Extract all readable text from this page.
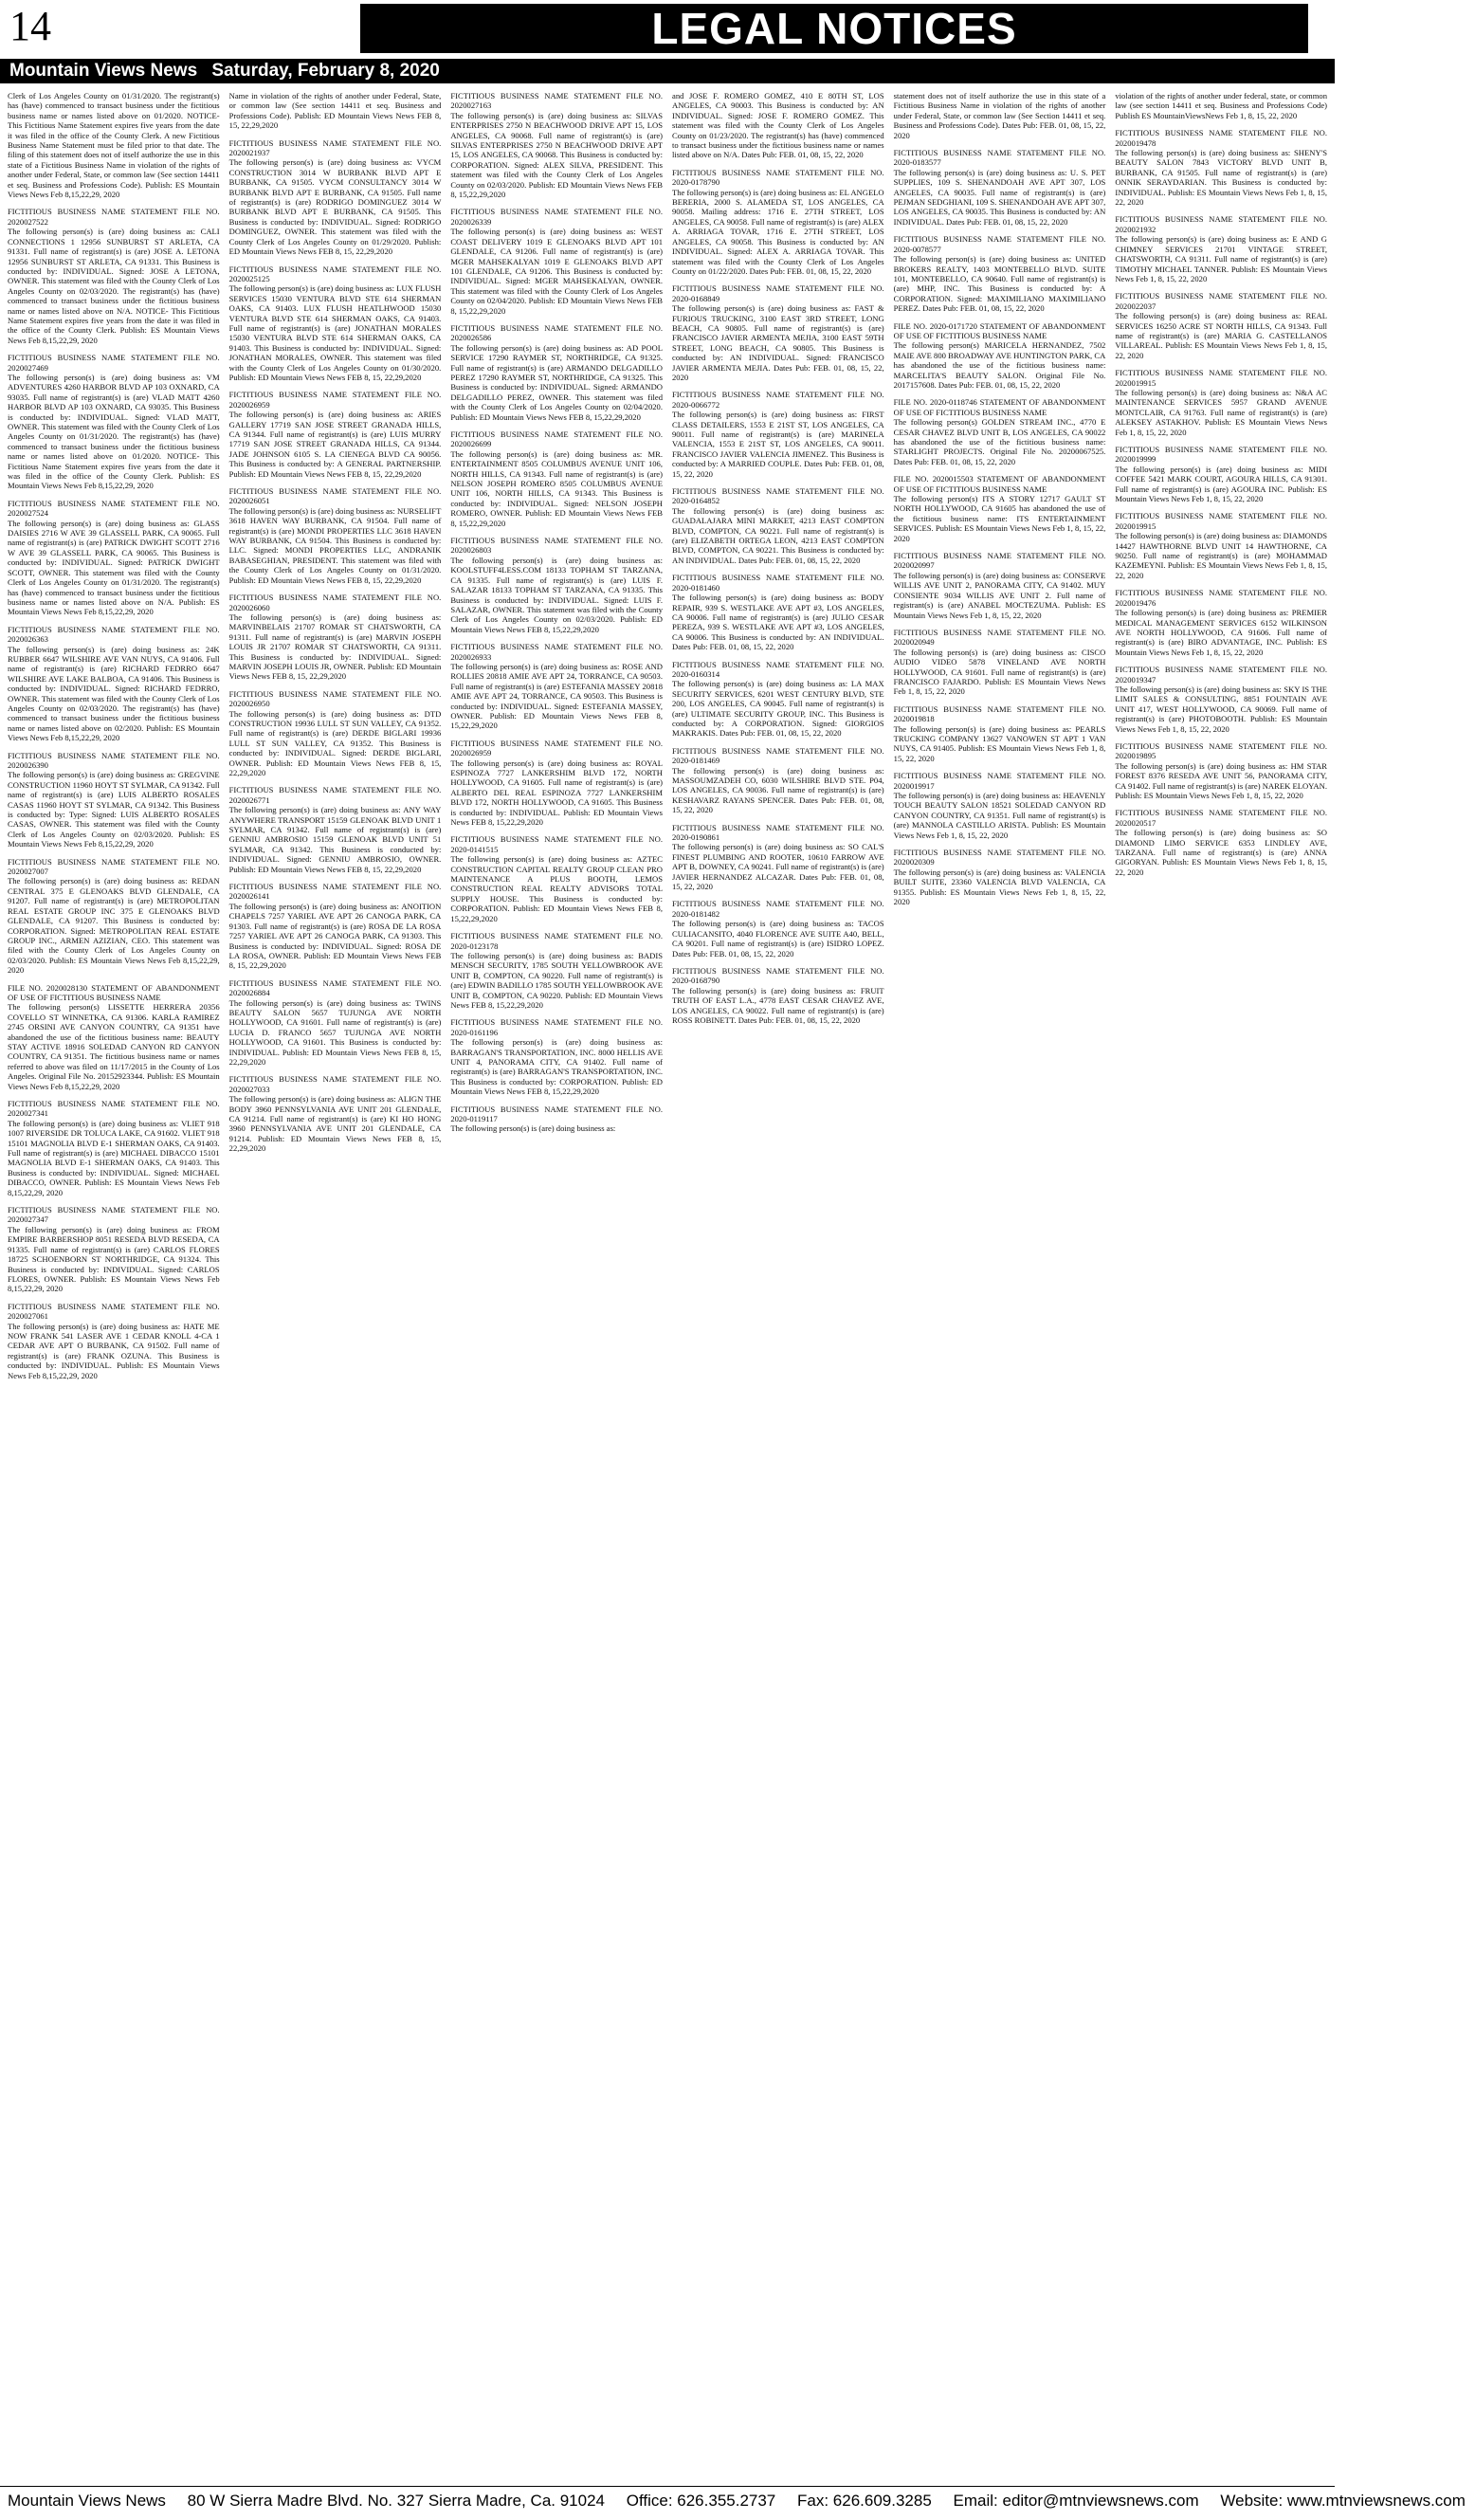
14	LEGAL NOTICES
Mountain Views News Saturday, February 8, 2020
Clerk of Los Angeles County on 01/31/2020. The registrant(s) has (have) commenced to transact business under the fictitious business name or names listed above on 01/2020. NOTICE- This Fictitious Name Statement expires five years from the date it was filed in the office of the County Clerk. A new Fictitious Business Name Statement must be filed prior to that date. The filing of this statement does not of itself authorize the use in this state of a Fictitious Business Name in violation of the rights of another under Federal, State, or common law (See section 14411 et seq. Business and Professions Code). Publish: ES Mountain Views News Feb 8,15,22,29, 2020
FICTITIOUS BUSINESS NAME STATEMENT FILE NO. 2020027522
The following person(s) is (are) doing business as: CALI CONNECTIONS 1 12956 SUNBURST ST ARLETA, CA 91331. Full name of registrant(s) is (are) JOSE A. LETONA 12956 SUNBURST ST ARLETA, CA 91331. This Business is conducted by: INDIVIDUAL. Signed: JOSE A LETONA, OWNER. This statement was filed with the County Clerk of Los Angeles County on 02/03/2020. The registrant(s) has (have) commenced to transact business under the fictitious business name or names listed above on N/A. NOTICE- This Fictitious Name Statement expires five years from the date it was filed in the office of the County Clerk. Publish: ES Mountain Views News Feb 8,15,22,29, 2020
FICTITIOUS BUSINESS NAME STATEMENT FILE NO. 2020027469
The following person(s) is (are) doing business as: VM ADVENTURES 4260 HARBOR BLVD AP 103 OXNARD, CA 93035. Full name of registrant(s) is (are) VLAD MATT 4260 HARBOR BLVD AP 103 OXNARD, CA 93035. This Business is conducted by: INDIVIDUAL. Signed: VLAD MATT, OWNER. This statement was filed with the County Clerk of Los Angeles County on 01/31/2020. The registrant(s) has (have) commenced to transact business under the fictitious business name or names listed above on 01/2020. NOTICE- This Fictitious Name Statement expires five years from the date it was filed in the office of the County Clerk. Publish: ES Mountain Views News Feb 8,15,22,29, 2020
FICTITIOUS BUSINESS NAME STATEMENT FILE NO. 2020027524
The following person(s) is (are) doing business as: GLASS DAISIES 2716 W AVE 39 GLASSELL PARK, CA 90065. Full name of registrant(s) is (are) PATRICK DWIGHT SCOTT 2716 W AVE 39 GLASSELL PARK, CA 90065. This Business is conducted by: INDIVIDUAL. Signed: PATRICK DWIGHT SCOTT, OWNER. This statement was filed with the County Clerk of Los Angeles County on 01/31/2020. The registrant(s) has (have) commenced to transact business under the fictitious business name or names listed above on N/A. Publish: ES Mountain Views News Feb 8,15,22,29, 2020
FICTITIOUS BUSINESS NAME STATEMENT FILE NO. 2020026363
The following person(s) is (are) doing business as: 24K RUBBER 6647 WILSHIRE AVE VAN NUYS, CA 91406. Full name of registrant(s) is (are) RICHARD FEDRRO 6647 WILSHIRE AVE LAKE BALBOA, CA 91406. This Business is conducted by: INDIVIDUAL. Signed: RICHARD FEDRRO, OWNER. This statement was filed with the County Clerk of Los Angeles County on 02/03/2020. The registrant(s) has (have) commenced to transact business under the fictitious business name or names listed above on 02/2020. Publish: ES Mountain Views News Feb 8,15,22,29, 2020
FICTITIOUS BUSINESS NAME STATEMENT FILE NO. 2020026390
The following person(s) is (are) doing business as: GREGVINE CONSTRUCTION 11960 HOYT ST SYLMAR, CA 91342. Full name of registrant(s) is (are) LUIS ALBERTO ROSALES CASAS 11960 HOYT ST SYLMAR, CA 91342. This Business is conducted by: Type: Signed: LUIS ALBERTO ROSALES CASAS, OWNER. This statement was filed with the County Clerk of Los Angeles County on 02/03/2020. Publish: ES Mountain Views News Feb 8,15,22,29, 2020
FICTITIOUS BUSINESS NAME STATEMENT FILE NO. 2020027007
The following person(s) is (are) doing business as: REDAN CENTRAL 375 E GLENOAKS BLVD GLENDALE, CA 91207. Full name of registrant(s) is (are) METROPOLITAN REAL ESTATE GROUP INC 375 E GLENOAKS BLVD GLENDALE, CA 91207. This Business is conducted by: CORPORATION. Signed: METROPOLITAN REAL ESTATE GROUP INC., ARMEN AZIZIAN, CEO. This statement was filed with the County Clerk of Los Angeles County on 02/03/2020. Publish: ES Mountain Views News Feb 8,15,22,29, 2020
FILE NO. 2020028130 STATEMENT OF ABANDONMENT OF USE OF FICTITIOUS BUSINESS NAME
The following person(s) LISSETTE HERRERA 20356 COVELLO ST WINNETKA, CA 91306. KARLA RAMIREZ 2745 ORSINI AVE CANYON COUNTRY, CA 91351 have abandoned the use of the fictitious business name: BEAUTY STAY ACTIVE 18916 SOLEDAD CANYON RD CANYON COUNTRY, CA 91351. The fictitious business name or names referred to above was filed on 11/17/2015 in the County of Los Angeles. Original File No. 20152923344. Publish: ES Mountain Views News Feb 8,15,22,29, 2020
FICTITIOUS BUSINESS NAME STATEMENT FILE NO. 2020027341
The following person(s) is (are) doing business as: VLIET 918 1007 RIVERSIDE DR TOLUCA LAKE, CA 91602. VLIET 918 15101 MAGNOLIA BLVD E-1 SHERMAN OAKS, CA 91403. Full name of registrant(s) is (are) MICHAEL DIBACCO 15101 MAGNOLIA BLVD E-1 SHERMAN OAKS, CA 91403. This Business is conducted by: INDIVIDUAL. Signed: MICHAEL DIBACCO, OWNER. Publish: ES Mountain Views News Feb 8,15,22,29, 2020
FICTITIOUS BUSINESS NAME STATEMENT FILE NO. 2020027347
The following person(s) is (are) doing business as: FROM EMPIRE BARBERSHOP 8051 RESEDA BLVD RESEDA, CA 91335. Full name of registrant(s) is (are) CARLOS FLORES 18725 SCHOENBORN ST NORTHRIDGE, CA 91324. This Business is conducted by: INDIVIDUAL. Signed: CARLOS FLORES, OWNER. Publish: ES Mountain Views News Feb 8,15,22,29, 2020
FICTITIOUS BUSINESS NAME STATEMENT FILE NO. 2020027061
The following person(s) is (are) doing business as: HATE ME NOW FRANK 541 LASER AVE 1 CEDAR KNOLL 4-CA 1 CEDAR AVE APT O BURBANK, CA 91502. Full name of registrant(s) is (are) FRANK OZUNA. This Business is conducted by: INDIVIDUAL. Publish: ES Mountain Views News Feb 8,15,22,29, 2020
Name in violation of the rights of another under Federal, State, or common law (See section 14411 et seq. Business and Professions Code). Publish: ED Mountain Views News FEB 8, 15, 22,29,2020
FICTITIOUS BUSINESS NAME STATEMENT FILE NO. 2020021937
The following person(s) is (are) doing business as: VYCM CONSTRUCTION 3014 W BURBANK BLVD APT E BURBANK, CA 91505. VYCM CONSULTANCY 3014 W BURBANK BLVD APT E BURBANK, CA 91505. Full name of registrant(s) is (are) RODRIGO DOMINGUEZ 3014 W BURBANK BLVD APT E BURBANK, CA 91505. This Business is conducted by: INDIVIDUAL. Signed: RODRIGO DOMINGUEZ, OWNER. This statement was filed with the County Clerk of Los Angeles County on 01/29/2020. Publish: ED Mountain Views News FEB 8, 15, 22,29,2020
FICTITIOUS BUSINESS NAME STATEMENT FILE NO. 2020025125
The following person(s) is (are) doing business as: LUX FLUSH SERVICES 15030 VENTURA BLVD STE 614 SHERMAN OAKS, CA 91403. LUX FLUSH HEATLHWOOD 15030 VENTURA BLVD STE 614 SHERMAN OAKS, CA 91403. Full name of registrant(s) is (are) JONATHAN MORALES 15030 VENTURA BLVD STE 614 SHERMAN OAKS, CA 91403. This Business is conducted by: INDIVIDUAL. Signed: JONATHAN MORALES, OWNER. This statement was filed with the County Clerk of Los Angeles County on 01/30/2020. Publish: ED Mountain Views News FEB 8, 15, 22,29,2020
FICTITIOUS BUSINESS NAME STATEMENT FILE NO. 2020026959
The following person(s) is (are) doing business as: ARIES GALLERY 17719 SAN JOSE STREET GRANADA HILLS, CA 91344. Full name of registrant(s) is (are) LUIS MURRY 17719 SAN JOSE STREET GRANADA HILLS, CA 91344. JADE JOHNSON 6105 S. LA CIENEGA BLVD CA 90056. This Business is conducted by: A GENERAL PARTNERSHIP. Publish: ED Mountain Views News FEB 8, 15, 22,29,2020
FICTITIOUS BUSINESS NAME STATEMENT FILE NO. 2020026051
The following person(s) is (are) doing business as: NURSELIFT 3618 HAVEN WAY BURBANK, CA 91504. Full name of registrant(s) is (are) MONDI PROPERTIES LLC 3618 HAVEN WAY BURBANK, CA 91504. This Business is conducted by: LLC. Signed: MONDI PROPERTIES LLC, ANDRANIK BABASEGHIAN, PRESIDENT. This statement was filed with the County Clerk of Los Angeles County on 01/31/2020. Publish: ED Mountain Views News FEB 8, 15, 22,29,2020
FICTITIOUS BUSINESS NAME STATEMENT FILE NO. 2020026060
The following person(s) is (are) doing business as: MARVINBELAIS 21707 ROMAR ST CHATSWORTH, CA 91311. Full name of registrant(s) is (are) MARVIN JOSEPH LOUIS JR 21707 ROMAR ST CHATSWORTH, CA 91311. This Business is conducted by: INDIVIDUAL. Signed: MARVIN JOSEPH LOUIS JR, OWNER. Publish: ED Mountain Views News FEB 8, 15, 22,29,2020
FICTITIOUS BUSINESS NAME STATEMENT FILE NO. 2020026950
The following person(s) is (are) doing business as: DTD CONSTRUCTION 19936 LULL ST SUN VALLEY, CA 91352. Full name of registrant(s) is (are) DERDE BIGLARI 19936 LULL ST SUN VALLEY, CA 91352. This Business is conducted by: INDIVIDUAL. Signed: DERDE BIGLARI, OWNER. Publish: ED Mountain Views News FEB 8, 15, 22,29,2020
FICTITIOUS BUSINESS NAME STATEMENT FILE NO. 2020026771
The following person(s) is (are) doing business as: ANY WAY ANYWHERE TRANSPORT 15159 GLENOAK BLVD UNIT 1 SYLMAR, CA 91342. Full name of registrant(s) is (are) GENNIU AMBROSIO 15159 GLENOAK BLVD UNIT 51 SYLMAR, CA 91342. This Business is conducted by: INDIVIDUAL. Signed: GENNIU AMBROSIO, OWNER. Publish: ED Mountain Views News FEB 8, 15, 22,29,2020
FICTITIOUS BUSINESS NAME STATEMENT FILE NO. 2020026141
The following person(s) is (are) doing business as: ANOITION CHAPELS 7257 YARIEL AVE APT 26 CANOGA PARK, CA 91303. Full name of registrant(s) is (are) ROSA DE LA ROSA 7257 YARIEL AVE APT 26 CANOGA PARK, CA 91303. This Business is conducted by: INDIVIDUAL. Signed: ROSA DE LA ROSA, OWNER. Publish: ED Mountain Views News FEB 8, 15, 22,29,2020
FICTITIOUS BUSINESS NAME STATEMENT FILE NO. 2020026884
The following person(s) is (are) doing business as: TWINS BEAUTY SALON 5657 TUJUNGA AVE NORTH HOLLYWOOD, CA 91601. Full name of registrant(s) is (are) LUCIA D. FRANCO 5657 TUJUNGA AVE NORTH HOLLYWOOD, CA 91601. This Business is conducted by: INDIVIDUAL. Publish: ED Mountain Views News FEB 8, 15, 22,29,2020
FICTITIOUS BUSINESS NAME STATEMENT FILE NO. 2020027033
The following person(s) is (are) doing business as: ALIGN THE BODY 3960 PENNSYLVANIA AVE UNIT 201 GLENDALE, CA 91214. Full name of registrant(s) is (are) KI HO HONG 3960 PENNSYLVANIA AVE UNIT 201 GLENDALE, CA 91214. Publish: ED Mountain Views News FEB 8, 15, 22,29,2020
FICTITIOUS BUSINESS NAME STATEMENT FILE NO. 2020027163
The following person(s) is (are) doing business as: SILVAS ENTERPRISES 2750 N BEACHWOOD DRIVE APT 15, LOS ANGELES, CA 90068. Full name of registrant(s) is (are) SILVAS ENTERPRISES 2750 N BEACHWOOD DRIVE APT 15, LOS ANGELES, CA 90068. This Business is conducted by: CORPORATION. Signed: ALEX SILVA, PRESIDENT. This statement was filed with the County Clerk of Los Angeles County on 02/03/2020. Publish: ED Mountain Views News FEB 8, 15,22,29,2020
FICTITIOUS BUSINESS NAME STATEMENT FILE NO. 2020026339
The following person(s) is (are) doing business as: WEST COAST DELIVERY 1019 E GLENOAKS BLVD APT 101 GLENDALE, CA 91206. Full name of registrant(s) is (are) MGER MAHSEKALYAN 1019 E GLENOAKS BLVD APT 101 GLENDALE, CA 91206. This Business is conducted by: INDIVIDUAL. Signed: MGER MAHSEKALYAN, OWNER. This statement was filed with the County Clerk of Los Angeles County on 02/04/2020. Publish: ED Mountain Views News FEB 8, 15,22,29,2020
FICTITIOUS BUSINESS NAME STATEMENT FILE NO. 2020026586
The following person(s) is (are) doing business as: AD POOL SERVICE 17290 RAYMER ST, NORTHRIDGE, CA 91325. Full name of registrant(s) is (are) ARMANDO DELGADILLO PEREZ 17290 RAYMER ST, NORTHRIDGE, CA 91325. This Business is conducted by: INDIVIDUAL. Signed: ARMANDO DELGADILLO PEREZ, OWNER. This statement was filed with the County Clerk of Los Angeles County on 02/04/2020. Publish: ED Mountain Views News FEB 8, 15,22,29,2020
FICTITIOUS BUSINESS NAME STATEMENT FILE NO. 2020026699
The following person(s) is (are) doing business as: MR. ENTERTAINMENT 8505 COLUMBUS AVENUE UNIT 106, NORTH HILLS, CA 91343. Full name of registrant(s) is (are) NELSON JOSEPH ROMERO 8505 COLUMBUS AVENUE UNIT 106, NORTH HILLS, CA 91343. This Business is conducted by: INDIVIDUAL. Signed: NELSON JOSEPH ROMERO, OWNER. Publish: ED Mountain Views News FEB 8, 15,22,29,2020
FICTITIOUS BUSINESS NAME STATEMENT FILE NO. 2020026803
The following person(s) is (are) doing business as: KOOLSTUFF4LESS.COM 18133 TOPHAM ST TARZANA, CA 91335. Full name of registrant(s) is (are) LUIS F. SALAZAR 18133 TOPHAM ST TARZANA, CA 91335. This Business is conducted by: INDIVIDUAL. Signed: LUIS F. SALAZAR, OWNER. This statement was filed with the County Clerk of Los Angeles County on 02/03/2020. Publish: ED Mountain Views News FEB 8, 15,22,29,2020
FICTITIOUS BUSINESS NAME STATEMENT FILE NO. 2020026933
The following person(s) is (are) doing business as: ROSE AND ROLLIES 20818 AMIE AVE APT 24, TORRANCE, CA 90503. Full name of registrant(s) is (are) ESTEFANIA MASSEY 20818 AMIE AVE APT 24, TORRANCE, CA 90503. This Business is conducted by: INDIVIDUAL. Signed: ESTEFANIA MASSEY, OWNER. Publish: ED Mountain Views News FEB 8, 15,22,29,2020
FICTITIOUS BUSINESS NAME STATEMENT FILE NO. 2020026959
The following person(s) is (are) doing business as: ROYAL ESPINOZA 7727 LANKERSHIM BLVD 172, NORTH HOLLYWOOD, CA 91605. Full name of registrant(s) is (are) ALBERTO DEL REAL ESPINOZA 7727 LANKERSHIM BLVD 172, NORTH HOLLYWOOD, CA 91605. This Business is conducted by: INDIVIDUAL. Publish: ED Mountain Views News FEB 8, 15,22,29,2020
FICTITIOUS BUSINESS NAME STATEMENT FILE NO. 2020-0141515
The following person(s) is (are) doing business as: AZTEC CONSTRUCTION CAPITAL REALTY GROUP CLEAN PRO MAINTENANCE A PLUS BOOTH, LEMOS CONSTRUCTION REAL REALTY ADVISORS TOTAL SUPPLY HOUSE. This Business is conducted by: CORPORATION. Publish: ED Mountain Views News FEB 8, 15,22,29,2020
FICTITIOUS BUSINESS NAME STATEMENT FILE NO. 2020-0123178
The following person(s) is (are) doing business as: BADIS MENSCH SECURITY, 1785 SOUTH YELLOWBROOK AVE UNIT B, COMPTON, CA 90220. Full name of registrant(s) is (are) EDWIN BADILLO 1785 SOUTH YELLOWBROOK AVE UNIT B, COMPTON, CA 90220. Publish: ED Mountain Views News FEB 8, 15,22,29,2020
FICTITIOUS BUSINESS NAME STATEMENT FILE NO. 2020-0161196
The following person(s) is (are) doing business as: BARRAGAN'S TRANSPORTATION, INC. 8000 HELLIS AVE UNIT 4, PANORAMA CITY, CA 91402. Full name of registrant(s) is (are) BARRAGAN'S TRANSPORTATION, INC. This Business is conducted by: CORPORATION. Publish: ED Mountain Views News FEB 8, 15,22,29,2020
FICTITIOUS BUSINESS NAME STATEMENT FILE NO. 2020-0119117
The following person(s) is (are) doing business as:
and JOSE F. ROMERO GOMEZ, 410 E 80TH ST, LOS ANGELES, CA 90003. This Business is conducted by: AN INDIVIDUAL. Signed: JOSE F. ROMERO GOMEZ. This statement was filed with the County Clerk of Los Angeles County on 01/23/2020. The registrant(s) has (have) commenced to transact business under the fictitious business name or names listed above on N/A. Dates Pub: FEB. 01, 08, 15, 22, 2020
FICTITIOUS BUSINESS NAME STATEMENT FILE NO. 2020-0178790
The following person(s) is (are) doing business as: EL ANGELO BERERIA, 2000 S. ALAMEDA ST, LOS ANGELES, CA 90058. Mailing address: 1716 E. 27TH STREET, LOS ANGELES, CA 90058. Full name of registrant(s) is (are) ALEX A. ARRIAGA TOVAR, 1716 E. 27TH STREET, LOS ANGELES, CA 90058. This Business is conducted by: AN INDIVIDUAL. Signed: ALEX A. ARRIAGA TOVAR. This statement was filed with the County Clerk of Los Angeles County on 01/22/2020. Dates Pub: FEB. 01, 08, 15, 22, 2020
FICTITIOUS BUSINESS NAME STATEMENT FILE NO. 2020-0168849
The following person(s) is (are) doing business as: FAST & FURIOUS TRUCKING, 3100 EAST 3RD STREET, LONG BEACH, CA 90805. Full name of registrant(s) is (are) FRANCISCO JAVIER ARMENTA MEJIA, 3100 EAST 59TH STREET, LONG BEACH, CA 90805. This Business is conducted by: AN INDIVIDUAL. Signed: FRANCISCO JAVIER ARMENTA MEJIA. Dates Pub: FEB. 01, 08, 15, 22, 2020
FICTITIOUS BUSINESS NAME STATEMENT FILE NO. 2020-0066772
The following person(s) is (are) doing business as: FIRST CLASS DETAILERS, 1553 E 21ST ST, LOS ANGELES, CA 90011. Full name of registrant(s) is (are) MARINELA VALENCIA, 1553 E 21ST ST, LOS ANGELES, CA 90011. FRANCISCO JAVIER VALENCIA JIMENEZ. This Business is conducted by: A MARRIED COUPLE. Dates Pub: FEB. 01, 08, 15, 22, 2020
FICTITIOUS BUSINESS NAME STATEMENT FILE NO. 2020-0164852
The following person(s) is (are) doing business as: GUADALAJARA MINI MARKET, 4213 EAST COMPTON BLVD, COMPTON, CA 90221. Full name of registrant(s) is (are) ELIZABETH ORTEGA LEON, 4213 EAST COMPTON BLVD, COMPTON, CA 90221. This Business is conducted by: AN INDIVIDUAL. Dates Pub: FEB. 01, 08, 15, 22, 2020
FICTITIOUS BUSINESS NAME STATEMENT FILE NO. 2020-0181460
The following person(s) is (are) doing business as: BODY REPAIR, 939 S. WESTLAKE AVE APT #3, LOS ANGELES, CA 90006. Full name of registrant(s) is (are) JULIO CESAR PEREZA, 939 S. WESTLAKE AVE APT #3, LOS ANGELES, CA 90006. This Business is conducted by: AN INDIVIDUAL. Dates Pub: FEB. 01, 08, 15, 22, 2020
FICTITIOUS BUSINESS NAME STATEMENT FILE NO. 2020-0160314
The following person(s) is (are) doing business as: LA MAX SECURITY SERVICES, 6201 WEST CENTURY BLVD, STE 200, LOS ANGELES, CA 90045. Full name of registrant(s) is (are) ULTIMATE SECURITY GROUP, INC. This Business is conducted by: A CORPORATION. Signed: GIORGIOS MAKRAKIS. Dates Pub: FEB. 01, 08, 15, 22, 2020
FICTITIOUS BUSINESS NAME STATEMENT FILE NO. 2020-0181469
The following person(s) is (are) doing business as: MASSOUMZADEH CO, 6030 WILSHIRE BLVD STE. P04, LOS ANGELES, CA 90036. Full name of registrant(s) is (are) KESHAVARZ RAYANS SPENCER. Dates Pub: FEB. 01, 08, 15, 22, 2020
FICTITIOUS BUSINESS NAME STATEMENT FILE NO. 2020-0190861
The following person(s) is (are) doing business as: SO CAL'S FINEST PLUMBING AND ROOTER, 10610 FARROW AVE APT B, DOWNEY, CA 90241. Full name of registrant(s) is (are) JAVIER HERNANDEZ ALCAZAR. Dates Pub: FEB. 01, 08, 15, 22, 2020
FICTITIOUS BUSINESS NAME STATEMENT FILE NO. 2020-0181482
The following person(s) is (are) doing business as: TACOS CULIACANSITO, 4040 FLORENCE AVE SUITE A40, BELL, CA 90201. Full name of registrant(s) is (are) ISIDRO LOPEZ. Dates Pub: FEB. 01, 08, 15, 22, 2020
FICTITIOUS BUSINESS NAME STATEMENT FILE NO. 2020-0168790
The following person(s) is (are) doing business as: FRUIT TRUTH OF EAST L.A., 4778 EAST CESAR CHAVEZ AVE, LOS ANGELES, CA 90022. Full name of registrant(s) is (are) ROSS ROBINETT. Dates Pub: FEB. 01, 08, 15, 22, 2020
statement does not of itself authorize the use in this state of a Fictitious Business Name in violation of the rights of another under Federal, State, or common law (See Section 14411 et seq. Business and Professions Code). Dates Pub: FEB. 01, 08, 15, 22, 2020
FICTITIOUS BUSINESS NAME STATEMENT FILE NO. 2020-0183577
The following person(s) is (are) doing business as: U. S. PET SUPPLIES, 109 S. SHENANDOAH AVE APT 307, LOS ANGELES, CA 90035. Full name of registrant(s) is (are) PEJMAN SEDGHIANI, 109 S. SHENANDOAH AVE APT 307, LOS ANGELES, CA 90035. This Business is conducted by: AN INDIVIDUAL. Dates Pub: FEB. 01, 08, 15, 22, 2020
FICTITIOUS BUSINESS NAME STATEMENT FILE NO. 2020-0078577
The following person(s) is (are) doing business as: UNITED BROKERS REALTY, 1403 MONTEBELLO BLVD. SUITE 101, MONTEBELLO, CA 90640. Full name of registrant(s) is (are) MHP, INC. This Business is conducted by: A CORPORATION. Signed: MAXIMILIANO MAXIMILIANO PEREZ. Dates Pub: FEB. 01, 08, 15, 22, 2020
FILE NO. 2020-0171720 STATEMENT OF ABANDONMENT OF USE OF FICTITIOUS BUSINESS NAME
The following person(s) MARICELA HERNANDEZ, 7502 MAIE AVE 800 BROADWAY AVE HUNTINGTON PARK, CA has abandoned the use of the fictitious business name: MARCELITA'S BEAUTY SALON. Original File No. 2017157608. Dates Pub: FEB. 01, 08, 15, 22, 2020
FILE NO. 2020-0118746 STATEMENT OF ABANDONMENT OF USE OF FICTITIOUS BUSINESS NAME
The following person(s) GOLDEN STREAM INC., 4770 E CESAR CHAVEZ BLVD UNIT B, LOS ANGELES, CA 90022 has abandoned the use of the fictitious business name: STARLIGHT PROJECTS. Original File No. 20200067525. Dates Pub: FEB. 01, 08, 15, 22, 2020
FILE NO. 2020015503 STATEMENT OF ABANDONMENT OF USE OF FICTITIOUS BUSINESS NAME
The following person(s) ITS A STORY 12717 GAULT ST NORTH HOLLYWOOD, CA 91605 has abandoned the use of the fictitious business name: ITS ENTERTAINMENT SERVICES. Publish: ES Mountain Views News Feb 1, 8, 15, 22, 2020
FICTITIOUS BUSINESS NAME STATEMENT FILE NO. 2020020997
The following person(s) is (are) doing business as: CONSERVE WILLIS AVE UNIT 2, PANORAMA CITY, CA 91402. MUY CONSIENTE 9034 WILLIS AVE UNIT 2. Full name of registrant(s) is (are) ANABEL MOCTEZUMA. Publish: ES Mountain Views News Feb 1, 8, 15, 22, 2020
FICTITIOUS BUSINESS NAME STATEMENT FILE NO. 2020020949
The following person(s) is (are) doing business as: CISCO AUDIO VIDEO 5878 VINELAND AVE NORTH HOLLYWOOD, CA 91601. Full name of registrant(s) is (are) FRANCISCO FAJARDO. Publish: ES Mountain Views News Feb 1, 8, 15, 22, 2020
FICTITIOUS BUSINESS NAME STATEMENT FILE NO. 2020019818
The following person(s) is (are) doing business as: PEARLS TRUCKING COMPANY 13627 VANOWEN ST APT 1 VAN NUYS, CA 91405. Publish: ES Mountain Views News Feb 1, 8, 15, 22, 2020
FICTITIOUS BUSINESS NAME STATEMENT FILE NO. 2020019917
The following person(s) is (are) doing business as: HEAVENLY TOUCH BEAUTY SALON 18521 SOLEDAD CANYON RD CANYON COUNTRY, CA 91351. Full name of registrant(s) is (are) MANNOLA CASTILLO ARISTA. Publish: ES Mountain Views News Feb 1, 8, 15, 22, 2020
FICTITIOUS BUSINESS NAME STATEMENT FILE NO. 2020020309
The following person(s) is (are) doing business as: VALENCIA BUILT SUITE, 23360 VALENCIA BLVD VALENCIA, CA 91355. Publish: ES Mountain Views News Feb 1, 8, 15, 22, 2020
violation of the rights of another under federal, state, or common law (see section 14411 et seq. Business and Professions Code) Publish ES MountainViewsNews Feb 1, 8, 15, 22, 2020
FICTITIOUS BUSINESS NAME STATEMENT FILE NO. 2020019478
The following person(s) is (are) doing business as: SHENY'S BEAUTY SALON 7843 VICTORY BLVD UNIT B, BURBANK, CA 91505. Full name of registrant(s) is (are) ONNIK SERAYDARIAN. This Business is conducted by: INDIVIDUAL. Publish: ES Mountain Views News Feb 1, 8, 15, 22, 2020
FICTITIOUS BUSINESS NAME STATEMENT FILE NO. 2020021932
The following person(s) is (are) doing business as: E AND G CHIMNEY SERVICES 21701 VINTAGE STREET, CHATSWORTH, CA 91311. Full name of registrant(s) is (are) TIMOTHY MICHAEL TANNER. Publish: ES Mountain Views News Feb 1, 8, 15, 22, 2020
FICTITIOUS BUSINESS NAME STATEMENT FILE NO. 2020022037
The following person(s) is (are) doing business as: REAL SERVICES 16250 ACRE ST NORTH HILLS, CA 91343. Full name of registrant(s) is (are) MARIA G. CASTELLANOS VILLAREAL. Publish: ES Mountain Views News Feb 1, 8, 15, 22, 2020
FICTITIOUS BUSINESS NAME STATEMENT FILE NO. 2020019915
The following person(s) is (are) doing business as: N&A AC MAINTENANCE SERVICES 5957 GRAND AVENUE MONTCLAIR, CA 91763. Full name of registrant(s) is (are) ALEKSEY ASTAKHOV. Publish: ES Mountain Views News Feb 1, 8, 15, 22, 2020
FICTITIOUS BUSINESS NAME STATEMENT FILE NO. 2020019999
The following person(s) is (are) doing business as: MIDI COFFEE 5421 MARK COURT, AGOURA HILLS, CA 91301. Full name of registrant(s) is (are) AGOURA INC. Publish: ES Mountain Views News Feb 1, 8, 15, 22, 2020
FICTITIOUS BUSINESS NAME STATEMENT FILE NO. 2020019915
The following person(s) is (are) doing business as: DIAMONDS 14427 HAWTHORNE BLVD UNIT 14 HAWTHORNE, CA 90250. Full name of registrant(s) is (are) MOHAMMAD KAZEMEYNI. Publish: ES Mountain Views News Feb 1, 8, 15, 22, 2020
FICTITIOUS BUSINESS NAME STATEMENT FILE NO. 2020019476
The following person(s) is (are) doing business as: PREMIER MEDICAL MANAGEMENT SERVICES 6152 WILKINSON AVE NORTH HOLLYWOOD, CA 91606. Full name of registrant(s) is (are) BIRO ADVANTAGE, INC. Publish: ES Mountain Views News Feb 1, 8, 15, 22, 2020
FICTITIOUS BUSINESS NAME STATEMENT FILE NO. 2020019347
The following person(s) is (are) doing business as: SKY IS THE LIMIT SALES & CONSULTING, 8851 FOUNTAIN AVE UNIT 417, WEST HOLLYWOOD, CA 90069. Full name of registrant(s) is (are) PHOTOBOOTH. Publish: ES Mountain Views News Feb 1, 8, 15, 22, 2020
FICTITIOUS BUSINESS NAME STATEMENT FILE NO. 2020019895
The following person(s) is (are) doing business as: HM STAR FOREST 8376 RESEDA AVE UNIT 56, PANORAMA CITY, CA 91402. Full name of registrant(s) is (are) NAREK ELOYAN. Publish: ES Mountain Views News Feb 1, 8, 15, 22, 2020
FICTITIOUS BUSINESS NAME STATEMENT FILE NO. 2020020517
The following person(s) is (are) doing business as: SO DIAMOND LIMO SERVICE 6353 LINDLEY AVE, TARZANA. Full name of registrant(s) is (are) ANNA GIGORYAN. Publish: ES Mountain Views News Feb 1, 8, 15, 22, 2020
Mountain Views News 80 W Sierra Madre Blvd. No. 327 Sierra Madre, Ca. 91024 Office: 626.355.2737 Fax: 626.609.3285 Email: editor@mtnviewsnews.com Website: www.mtnviewsnews.com
